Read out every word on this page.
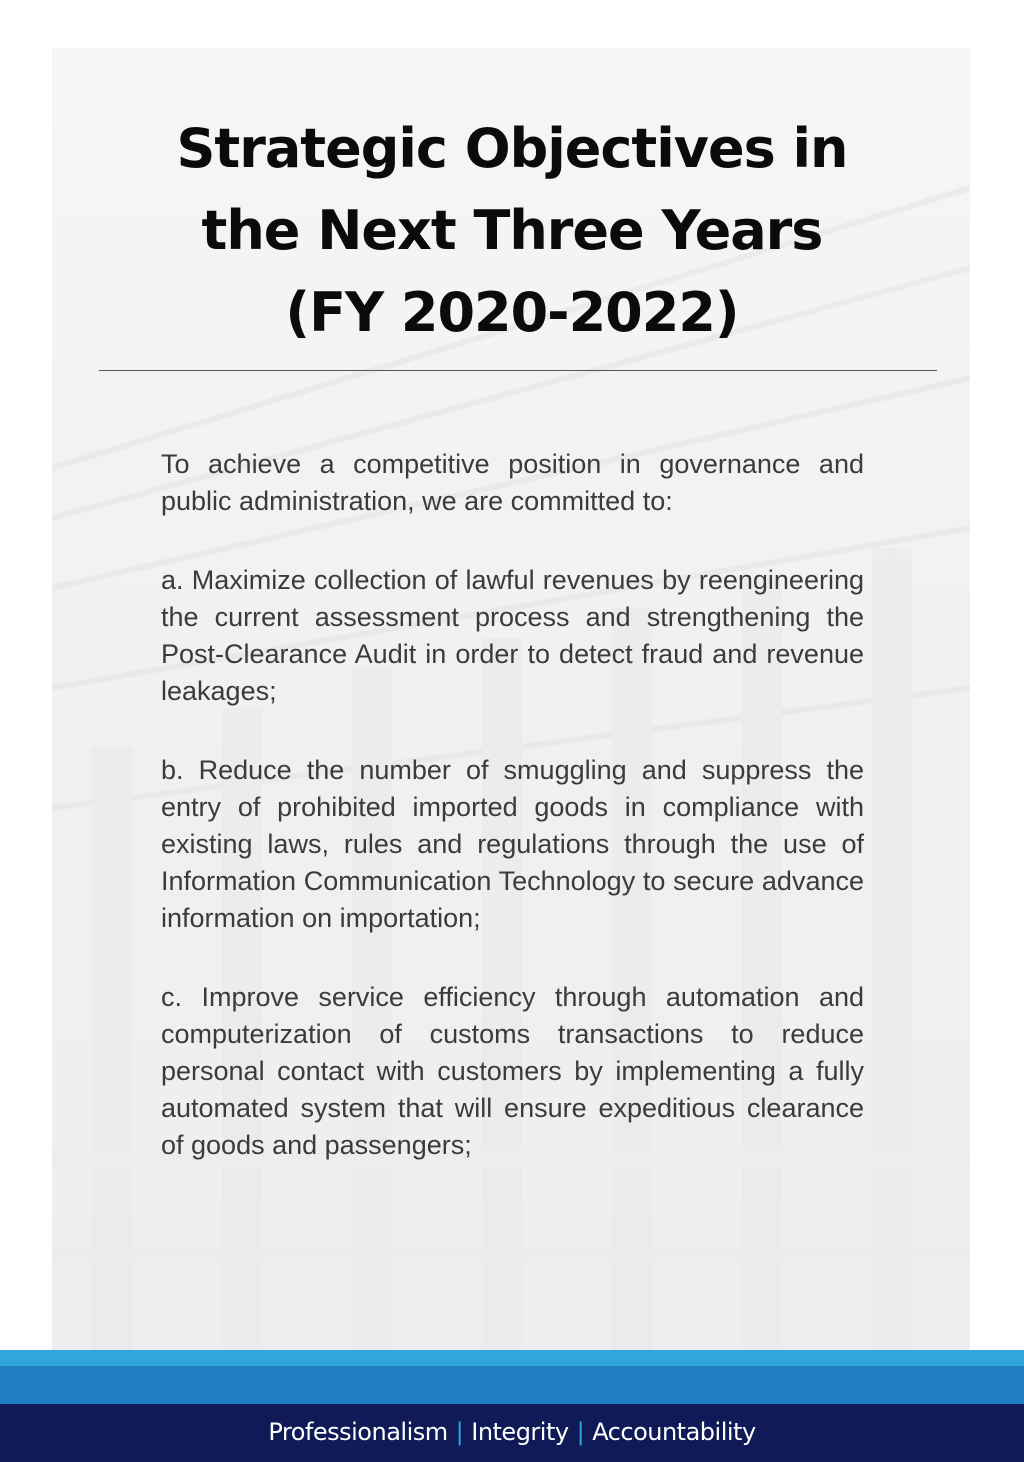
Strategic Objectives in
the Next Three Years
(FY 2020-2022)

To achieve a competitive position in governance and public administration, we are committed to:

a. Maximize collection of lawful revenues by reengineering the current assessment process and strengthening the Post-Clearance Audit in order to detect fraud and revenue leakages;

b. Reduce the number of smuggling and suppress the entry of prohibited imported goods in compliance with existing laws, rules and regulations through the use of Information Communication Technology to secure advance information on importation;

c. Improve service efficiency through automation and computerization of customs transactions to reduce personal contact with customers by implementing a fully automated system that will ensure expeditious clearance of goods and passengers;

Professionalism | Integrity | Accountability
